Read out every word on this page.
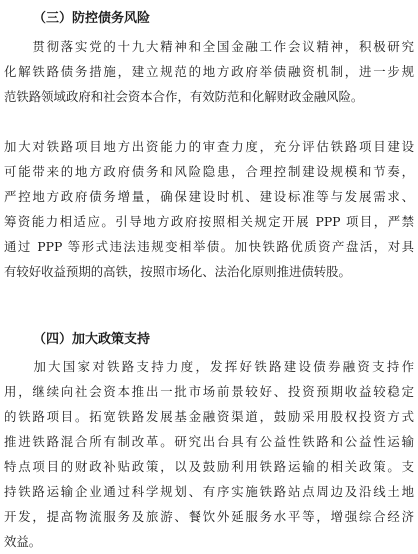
（三）防控债务风险
　　贯彻落实党的十九大精神和全国金融工作会议精神，积极研究
化解铁路债务措施，建立规范的地方政府举债融资机制，进一步规
范铁路领域政府和社会资本合作，有效防范和化解财政金融风险。
加大对铁路项目地方出资能力的审查力度，充分评估铁路项目建设
可能带来的地方政府债务和风险隐患，合理控制建设规模和节奏，
严控地方政府债务增量，确保建设时机、建设标准等与发展需求、
筹资能力相适应。引导地方政府按照相关规定开展 PPP 项目，严禁
通过 PPP 等形式违法违规变相举债。加快铁路优质资产盘活，对具
有较好收益预期的高铁，按照市场化、法治化原则推进债转股。
（四）加大政策支持
　　加大国家对铁路支持力度，发挥好铁路建设债券融资支持作
用，继续向社会资本推出一批市场前景较好、投资预期收益较稳定
的铁路项目。拓宽铁路发展基金融资渠道，鼓励采用股权投资方式
推进铁路混合所有制改革。研究出台具有公益性铁路和公益性运输
特点项目的财政补贴政策，以及鼓励利用铁路运输的相关政策。支
持铁路运输企业通过科学规划、有序实施铁路站点周边及沿线土地
开发，提高物流服务及旅游、餐饮外延服务水平等，增强综合经济
效益。
